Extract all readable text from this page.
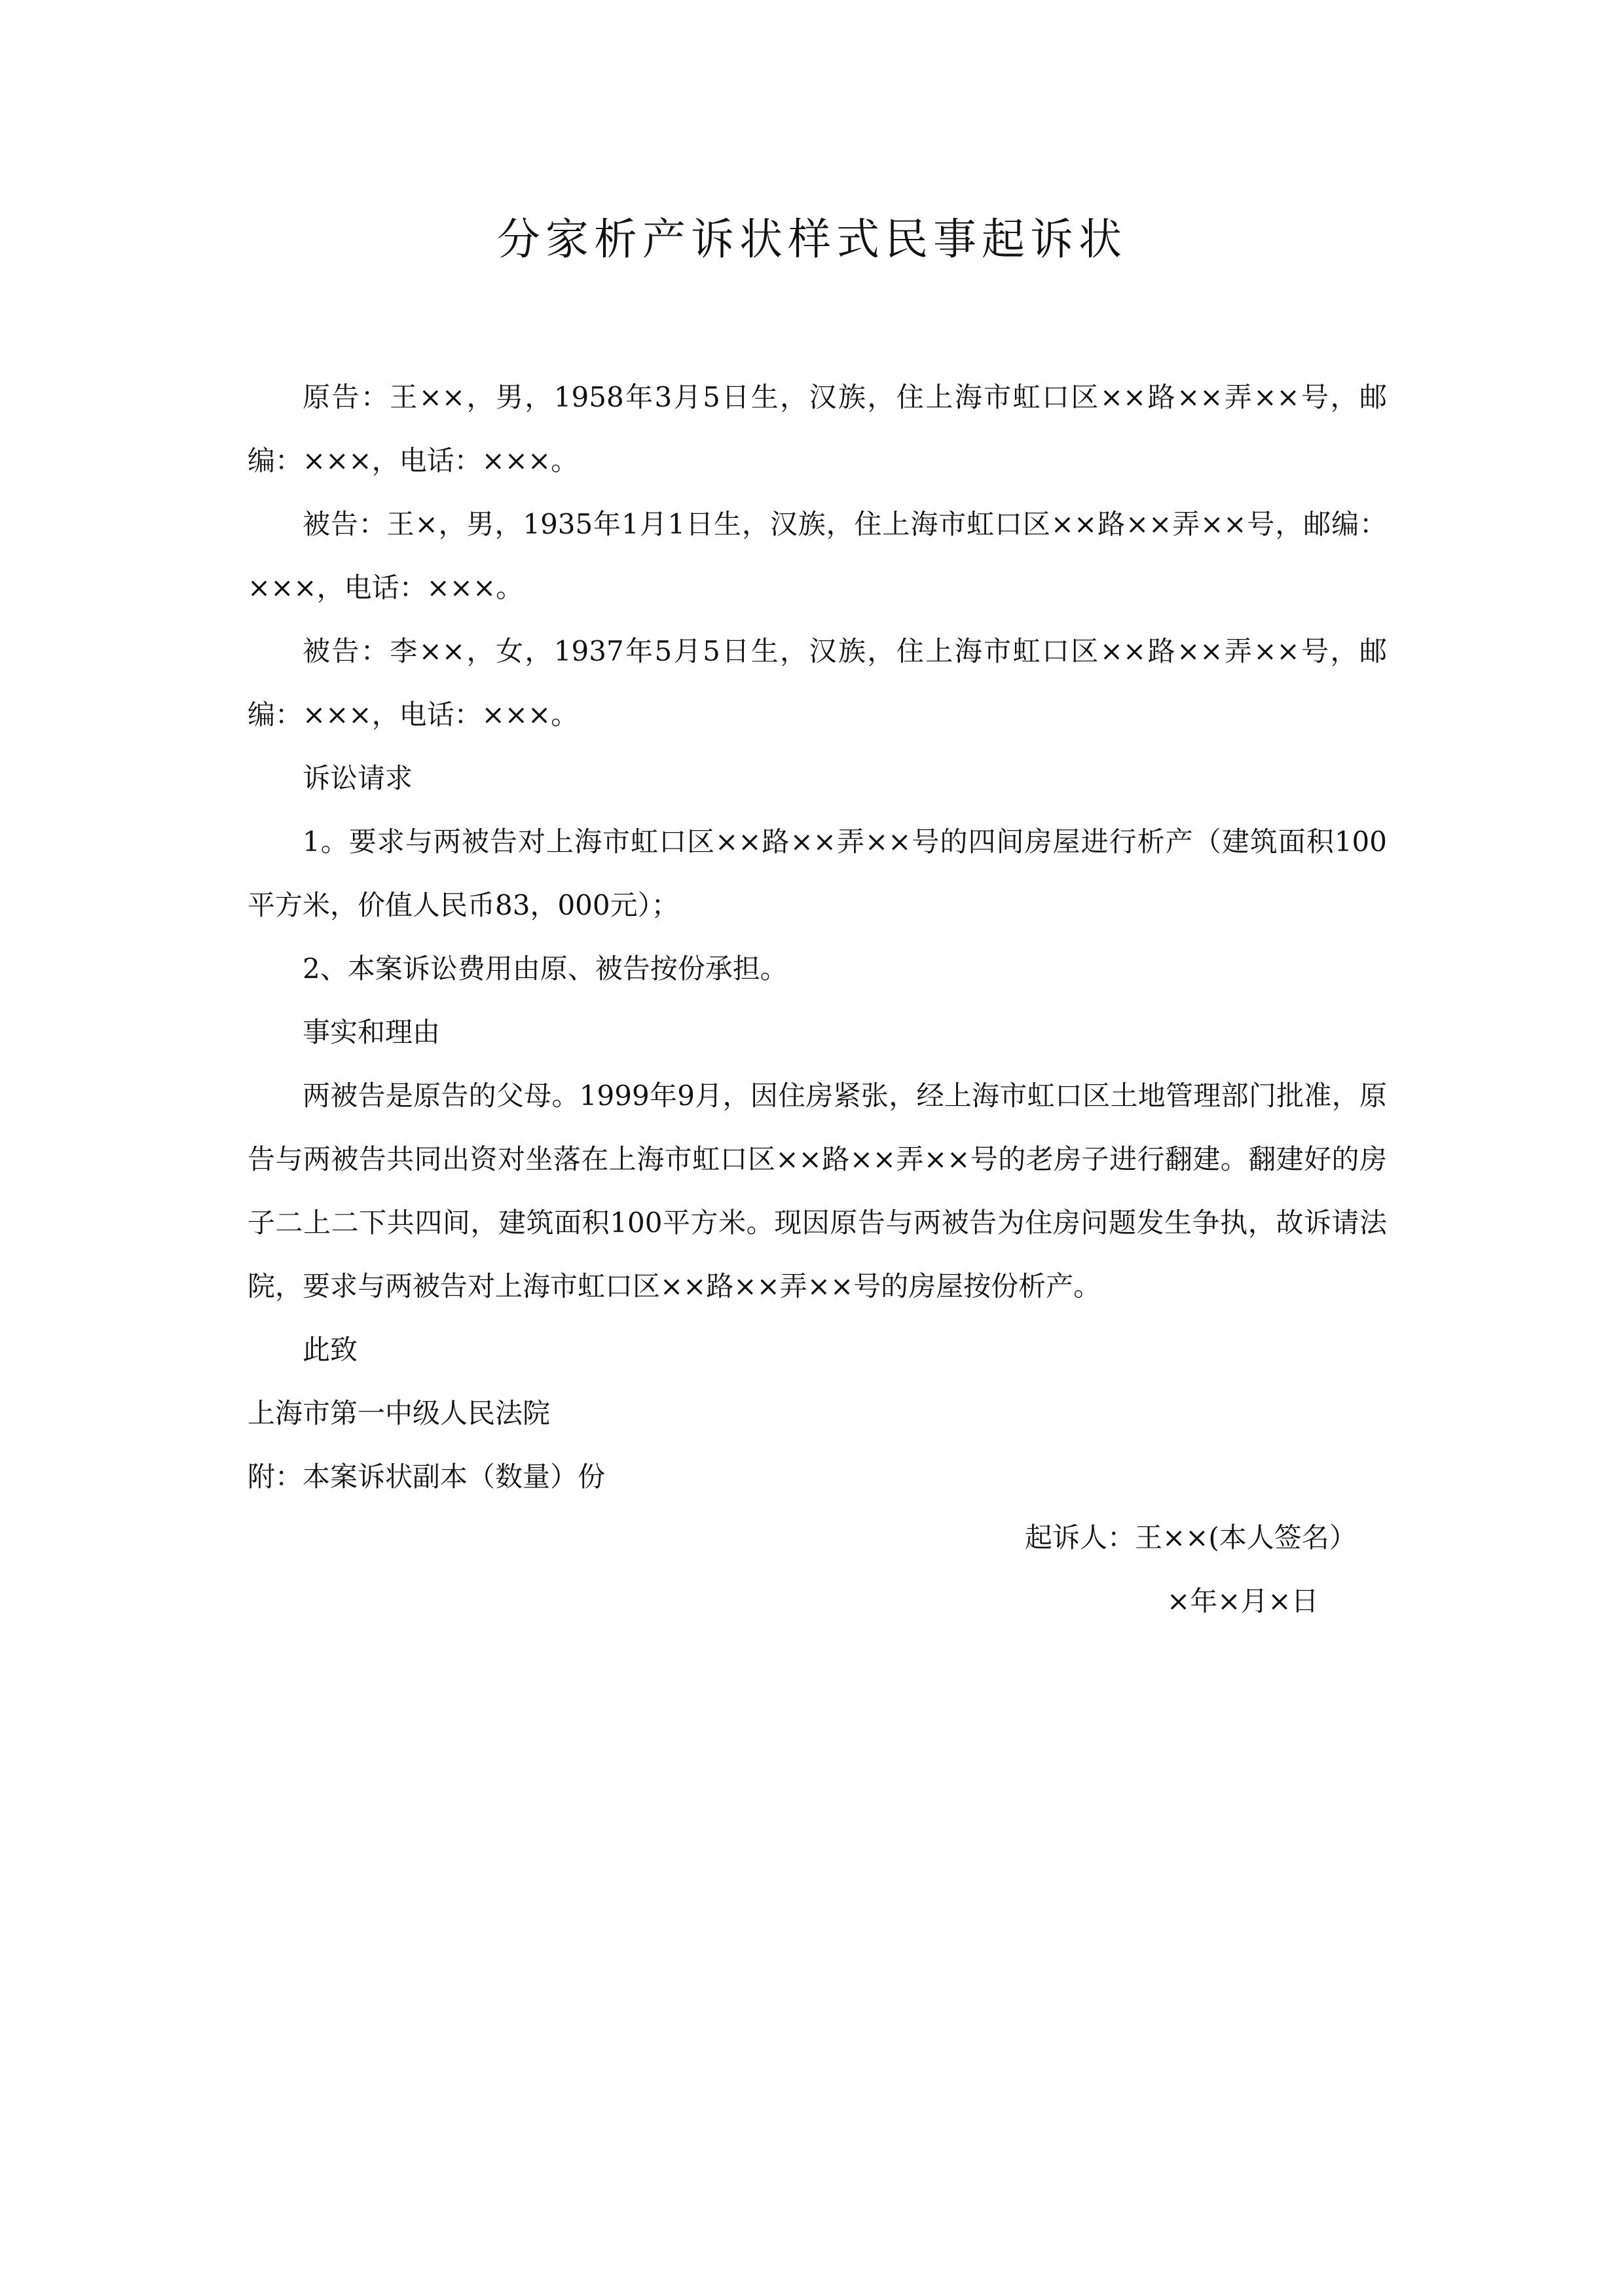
分家析产诉状样式民事起诉状

原告：王××，男，1958年3月5日生，汉族，住上海市虹口区××路××弄××号，邮编：×××，电话：×××。

被告：王×，男，1935年1月1日生，汉族，住上海市虹口区××路××弄××号，邮编：×××，电话：×××。

被告：李××，女，1937年5月5日生，汉族，住上海市虹口区××路××弄××号，邮编：×××，电话：×××。

诉讼请求

1。要求与两被告对上海市虹口区××路××弄××号的四间房屋进行析产（建筑面积100平方米，价值人民币83，000元）；

2、本案诉讼费用由原、被告按份承担。

事实和理由

两被告是原告的父母。1999年9月，因住房紧张，经上海市虹口区土地管理部门批准，原告与两被告共同出资对坐落在上海市虹口区××路××弄××号的老房子进行翻建。翻建好的房子二上二下共四间，建筑面积100平方米。现因原告与两被告为住房问题发生争执，故诉请法院，要求与两被告对上海市虹口区××路××弄××号的房屋按份析产。

此致

上海市第一中级人民法院

附：本案诉状副本（数量）份

起诉人：王××(本人签名）

×年×月×日
